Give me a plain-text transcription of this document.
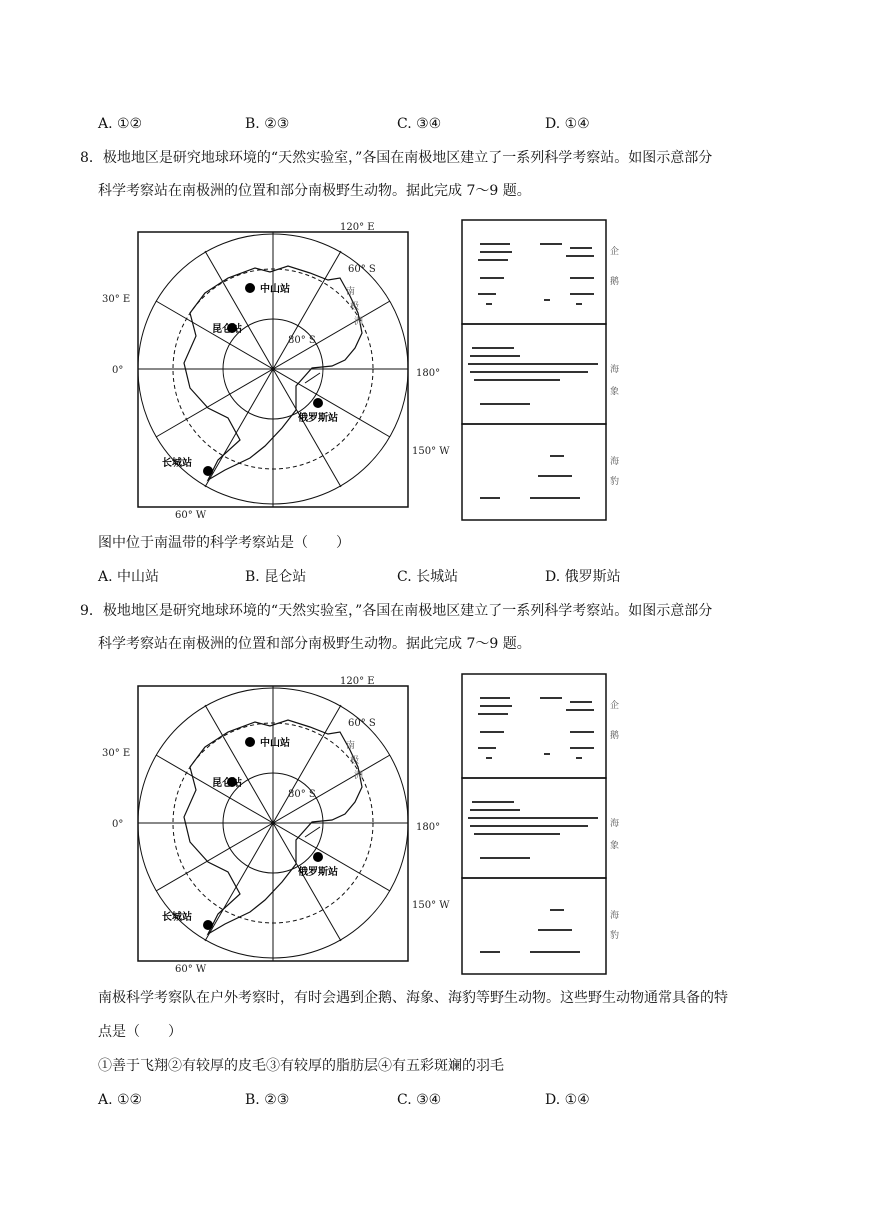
A. ①②	B. ②③	C. ③④	D. ①④
8．极地地区是研究地球环境的“天然实验室，”各国在南极地区建立了一系列科学考察站。如图示意部分
科学考察站在南极洲的位置和部分南极野生动物。据此完成 7～9 题。
120° E
30° E
0°	180°
150° W
60° W
60° S
80° S
南
极
洲
中山站
昆仑站
俄罗斯站
长城站
企
鹅
海
象
海
豹
图中位于南温带的科学考察站是（　　）
A. 中山站	B. 昆仑站	C. 长城站	D. 俄罗斯站
9．极地地区是研究地球环境的“天然实验室，”各国在南极地区建立了一系列科学考察站。如图示意部分
科学考察站在南极洲的位置和部分南极野生动物。据此完成 7～9 题。
120° E
30° E
0°	180°
150° W
60° W
60° S
80° S
南
极
洲
中山站
昆仑站
俄罗斯站
长城站
企
鹅
海
象
海
豹
南极科学考察队在户外考察时，有时会遇到企鹅、海象、海豹等野生动物。这些野生动物通常具备的特
点是（　　）
①善于飞翔②有较厚的皮毛③有较厚的脂肪层④有五彩斑斓的羽毛
A. ①②	B. ②③	C. ③④	D. ①④
